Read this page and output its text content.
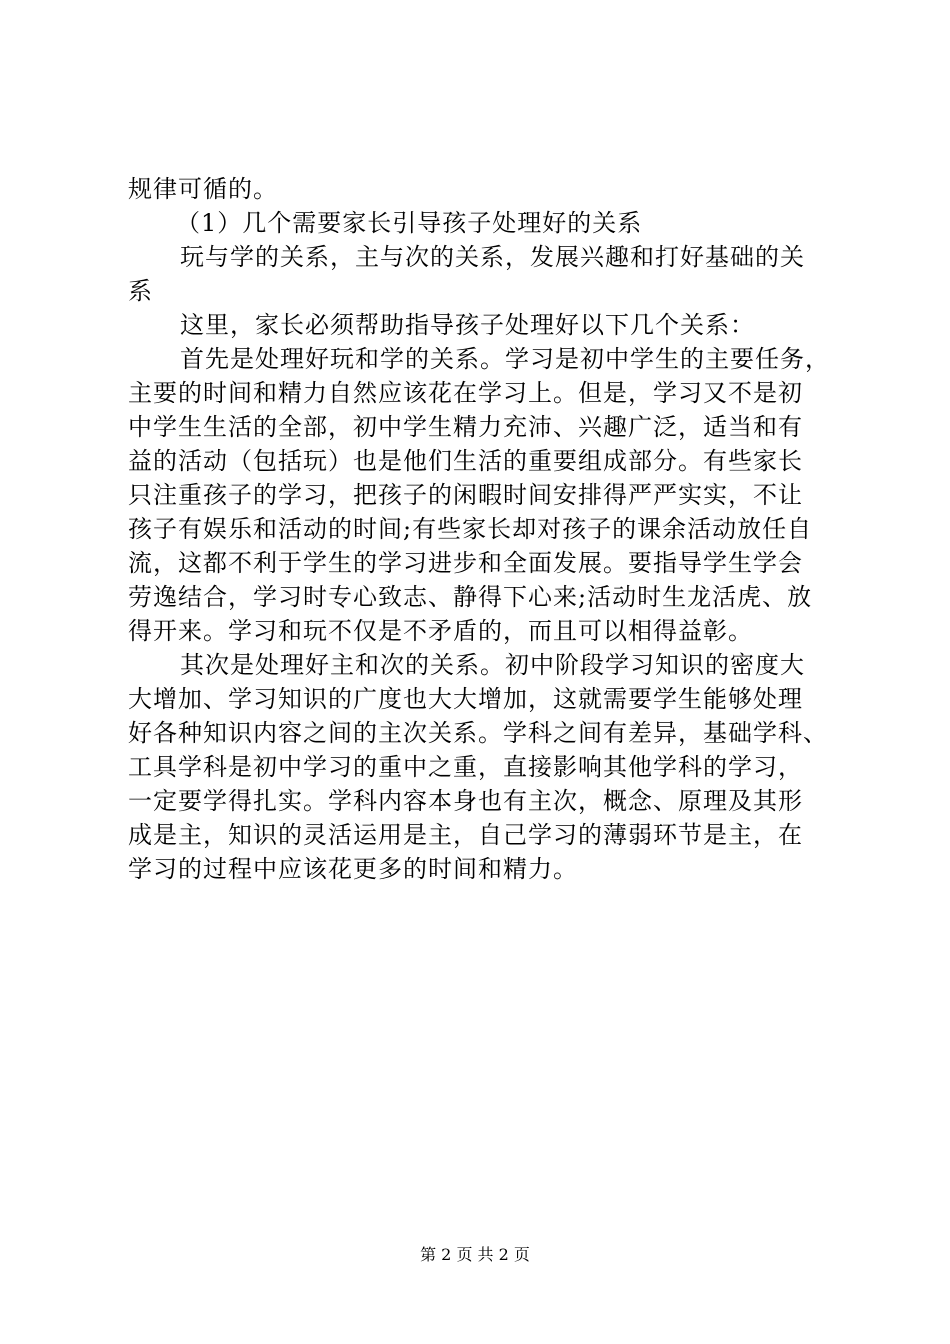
规律可循的。
（1）几个需要家长引导孩子处理好的关系
玩与学的关系，主与次的关系，发展兴趣和打好基础的关
系
这里，家长必须帮助指导孩子处理好以下几个关系：
首先是处理好玩和学的关系。学习是初中学生的主要任务，
主要的时间和精力自然应该花在学习上。但是，学习又不是初
中学生生活的全部，初中学生精力充沛、兴趣广泛，适当和有
益的活动（包括玩）也是他们生活的重要组成部分。有些家长
只注重孩子的学习，把孩子的闲暇时间安排得严严实实，不让
孩子有娱乐和活动的时间;有些家长却对孩子的课余活动放任自
流，这都不利于学生的学习进步和全面发展。要指导学生学会
劳逸结合，学习时专心致志、静得下心来;活动时生龙活虎、放
得开来。学习和玩不仅是不矛盾的，而且可以相得益彰。
其次是处理好主和次的关系。初中阶段学习知识的密度大
大增加、学习知识的广度也大大增加，这就需要学生能够处理
好各种知识内容之间的主次关系。学科之间有差异，基础学科、
工具学科是初中学习的重中之重，直接影响其他学科的学习，
一定要学得扎实。学科内容本身也有主次，概念、原理及其形
成是主，知识的灵活运用是主，自己学习的薄弱环节是主，在
学习的过程中应该花更多的时间和精力。
第 2 页 共 2 页
